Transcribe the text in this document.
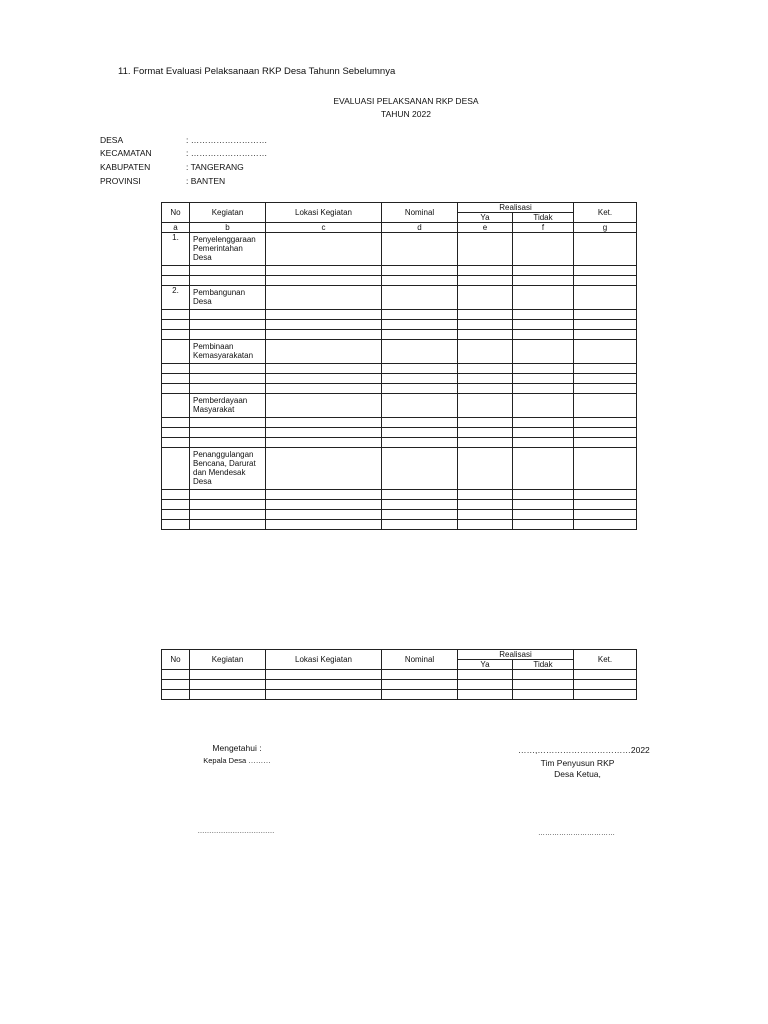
11. Format Evaluasi Pelaksanaan RKP Desa Tahunn Sebelumnya
EVALUASI PELAKSANAN RKP DESA
TAHUN 2022
DESA	: ………………………
KECAMATAN	: ………………………
KABUPATEN	: TANGERANG
PROVINSI	: BANTEN
No	Kegiatan	Lokasi Kegiatan	Nominal	Realisasi		Ket.
				Ya	Tidak	
a	b	c	d	e	f	g
1.	Penyelenggaraan Pemerintahan Desa					

2.	Pembangunan Desa					

	Pembinaan Kemasyarakatan					

	Pemberdayaan Masyarakat					

	Penanggulangan Bencana, Darurat dan Mendesak Desa					

No	Kegiatan	Lokasi Kegiatan	Nominal	Realisasi		Ket.
				Ya	Tidak	

Mengetahui :
Kepala Desa ………
……………………………
……,……………………………2022
Tim Penyusun RKP
Desa Ketua,
……………………………
